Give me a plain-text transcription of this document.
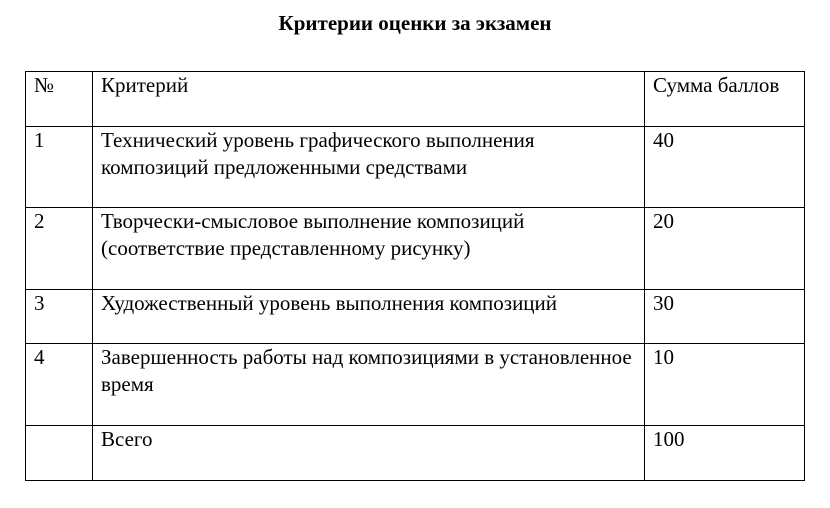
Критерии оценки за экзамен
№	Критерий	Сумма баллов
1	Технический уровень графического выполнения композиций предложенными средствами	40
2	Творчески-смысловое выполнение композиций (соответствие представленному рисунку)	20
3	Художественный уровень выполнения композиций	30
4	Завершенность работы над композициями в установленное время	10
	Всего	100
